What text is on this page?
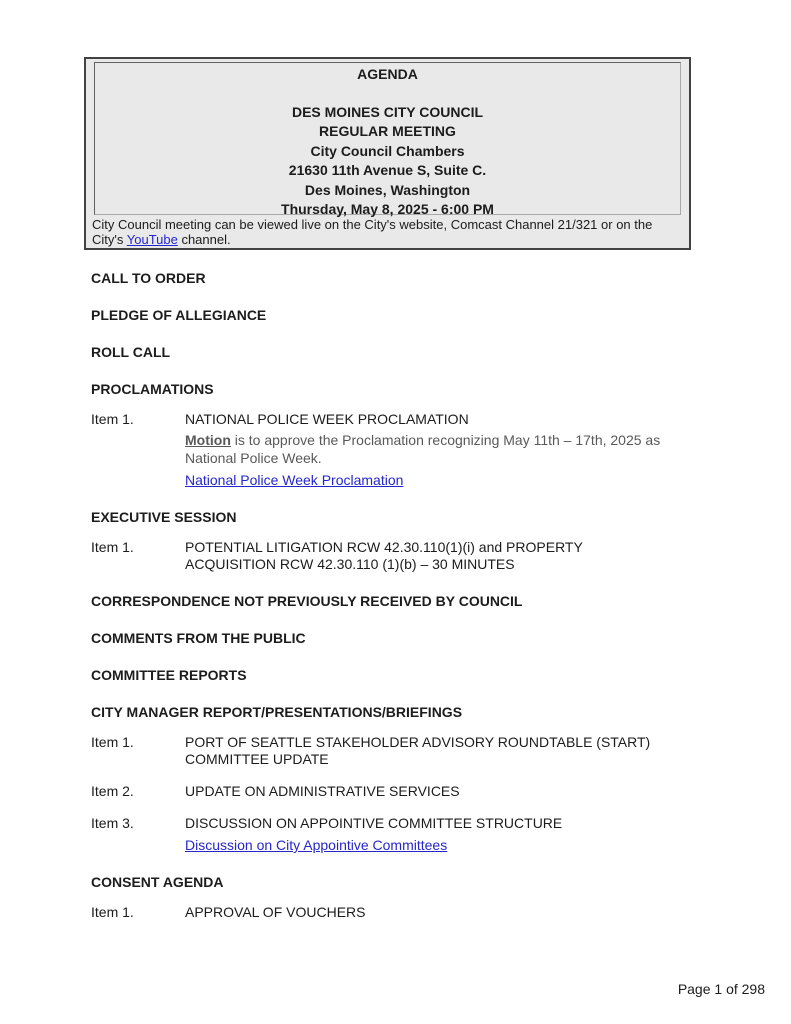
AGENDA
DES MOINES CITY COUNCIL
REGULAR MEETING
City Council Chambers
21630 11th Avenue S, Suite C.
Des Moines, Washington
Thursday, May 8, 2025 - 6:00 PM
City Council meeting can be viewed live on the City's website, Comcast Channel 21/321 or on the City's YouTube channel.
CALL TO ORDER
PLEDGE OF ALLEGIANCE
ROLL CALL
PROCLAMATIONS
Item 1.	NATIONAL POLICE WEEK PROCLAMATION
Motion is to approve the Proclamation recognizing May 11th – 17th, 2025 as National Police Week.
National Police Week Proclamation
EXECUTIVE SESSION
Item 1.	POTENTIAL LITIGATION RCW 42.30.110(1)(i) and PROPERTY ACQUISITION RCW 42.30.110 (1)(b) – 30 MINUTES
CORRESPONDENCE NOT PREVIOUSLY RECEIVED BY COUNCIL
COMMENTS FROM THE PUBLIC
COMMITTEE REPORTS
CITY MANAGER REPORT/PRESENTATIONS/BRIEFINGS
Item 1.	PORT OF SEATTLE STAKEHOLDER ADVISORY ROUNDTABLE (START) COMMITTEE UPDATE
Item 2.	UPDATE ON ADMINISTRATIVE SERVICES
Item 3.	DISCUSSION ON APPOINTIVE COMMITTEE STRUCTURE
Discussion on City Appointive Committees
CONSENT AGENDA
Item 1.	APPROVAL OF VOUCHERS
Page 1 of 298
